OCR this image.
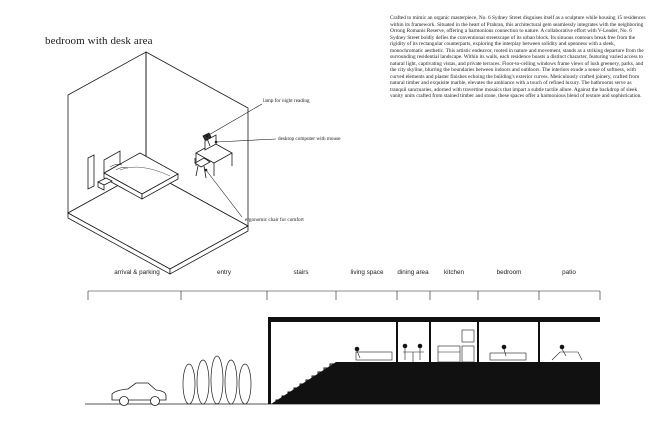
bedroom with desk area

Crafted to mimic an organic masterpiece, No. 6 Sydney Street disguises itself as a sculpture while housing 15 residences within its framework. Situated in the heart of Prahran, this architectural gem seamlessly integrates with the neighboring Orrong Romanis Reserve, offering a harmonious connection to nature. A collaborative effort with V-Leader, No. 6 Sydney Street boldly defies the conventional streetscape of its urban block. Its sinuous contours break free from the rigidity of its rectangular counterparts, exploring the interplay between solidity and openness with a sleek, monochromatic aesthetic. This artistic endeavor, rooted in nature and movement, stands as a striking departure from the surrounding residential landscape. Within its walls, each residence boasts a distinct character, featuring varied access to natural light, captivating vistas, and private terraces. Floor-to-ceiling windows frame views of lush greenery, parks, and the city skyline, blurring the boundaries between indoors and outdoors. The interiors exude a sense of softness, with curved elements and plaster finishes echoing the building's exterior curves. Meticulously crafted joinery, crafted from natural timber and exquisite marble, elevates the ambiance with a touch of refined luxury. The bathrooms serve as tranquil sanctuaries, adorned with travertine mosaics that impart a subtle tactile allure. Against the backdrop of sleek vanity units crafted from stained timber and stone, these spaces offer a harmonious blend of texture and sophistication.

lamp for night reading
desktop computer with mouse
ergonomic chair for comfort
arrival & parking	entry	stairs	living space	dining area	kitchen	bedroom	patio
